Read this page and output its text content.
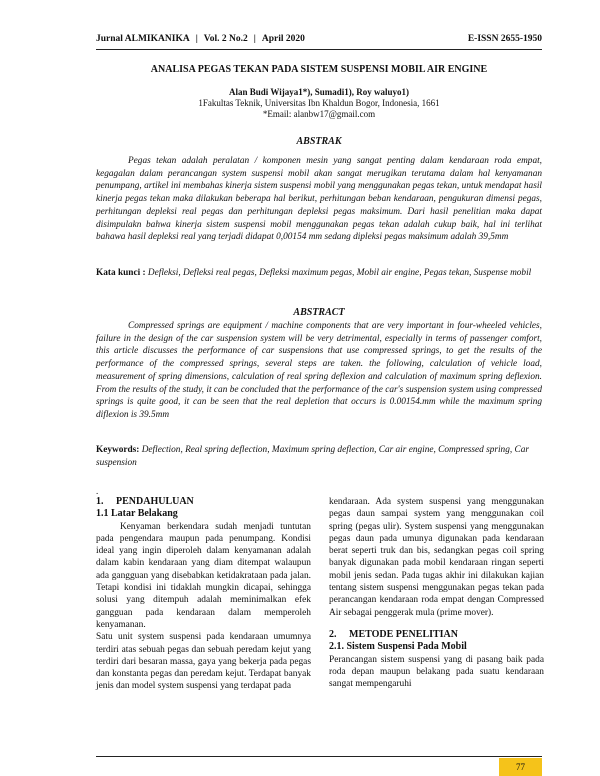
Jurnal ALMIKANIKA | Vol. 2 No.2 | April 2020	E-ISSN 2655-1950
ANALISA PEGAS TEKAN PADA SISTEM SUSPENSI MOBIL AIR ENGINE
Alan Budi Wijaya1*), Sumadi1), Roy waluyo1)
1Fakultas Teknik, Universitas Ibn Khaldun Bogor, Indonesia, 1661
*Email: alanbw17@gmail.com
ABSTRAK
Pegas tekan adalah peralatan / komponen mesin yang sangat penting dalam kendaraan roda empat, kegagalan dalam perancangan system suspensi mobil akan sangat merugikan terutama dalam hal kenyamanan penumpang, artikel ini membahas kinerja sistem suspensi mobil yang menggunakan pegas tekan, untuk mendapat hasil kinerja pegas tekan maka dilakukan beberapa hal berikut, perhitungan beban kendaraan, pengukuran dimensi pegas, perhitungan depleksi real pegas dan perhitungan depleksi pegas maksimum. Dari hasil penelitian maka dapat disimpulakn bahwa kinerja sistem suspensi mobil menggunakan pegas tekan adalah cukup baik, hal ini terlihat bahawa hasil depleksi real yang terjadi didapat 0,00154 mm sedang dipleksi pegas maksimum adalah 39,5mm
Kata kunci : Defleksi, Defleksi real pegas, Defleksi maximum pegas, Mobil air engine, Pegas tekan, Suspense mobil
ABSTRACT
Compressed springs are equipment / machine components that are very important in four-wheeled vehicles, failure in the design of the car suspension system will be very detrimental, especially in terms of passenger comfort, this article discusses the performance of car suspensions that use compressed springs, to get the results of the performance of the compressed springs, several steps are taken. the following, calculation of vehicle load, measurement of spring dimensions, calculation of real spring deflexion and calculation of maximum spring deflexion. From the results of the study, it can be concluded that the performance of the car's suspension system using compressed springs is quite good, it can be seen that the real depletion that occurs is 0.00154.mm while the maximum spring diflexion is 39.5mm
Keywords: Deflection, Real spring deflection, Maximum spring deflection, Car air engine, Compressed spring, Car suspension
.

1. PENDAHULUAN

1.1 Latar Belakang

Kenyaman berkendara sudah menjadi tuntutan pada pengendara maupun pada penumpang. Kondisi ideal yang ingin diperoleh dalam kenyamanan adalah dalam kabin kendaraan yang diam ditempat walaupun ada gangguan yang disebabkan ketidakrataan pada jalan. Tetapi kondisi ini tidaklah mungkin dicapai, sehingga solusi yang ditempuh adalah meminimalkan efek gangguan pada kendaraan dalam memperoleh kenyamanan.

Satu unit system suspensi pada kendaraan umumnya terdiri atas sebuah pegas dan sebuah peredam kejut yang terdiri dari besaran massa, gaya yang bekerja pada pegas dan konstanta pegas dan peredam kejut. Terdapat banyak jenis dan model system suspensi yang terdapat pada

kendaraan. Ada system suspensi yang menggunakan pegas daun sampai system yang menggunakan coil spring (pegas ulir). System suspensi yang menggunakan pegas daun pada umunya digunakan pada kendaraan berat seperti truk dan bis, sedangkan pegas coil spring banyak digunakan pada mobil kendaraan ringan seperti mobil jenis sedan. Pada tugas akhir ini dilakukan kajian tentang sistem suspensi menggunakan pegas tekan pada perancangan kendaraan roda empat dengan Compressed Air sebagai penggerak mula (prime mover).

2. METODE PENELITIAN

2.1. Sistem Suspensi Pada Mobil

Perancangan sistem suspensi yang di pasang baik pada roda depan maupun belakang pada suatu kendaraan sangat mempengaruhi

77
